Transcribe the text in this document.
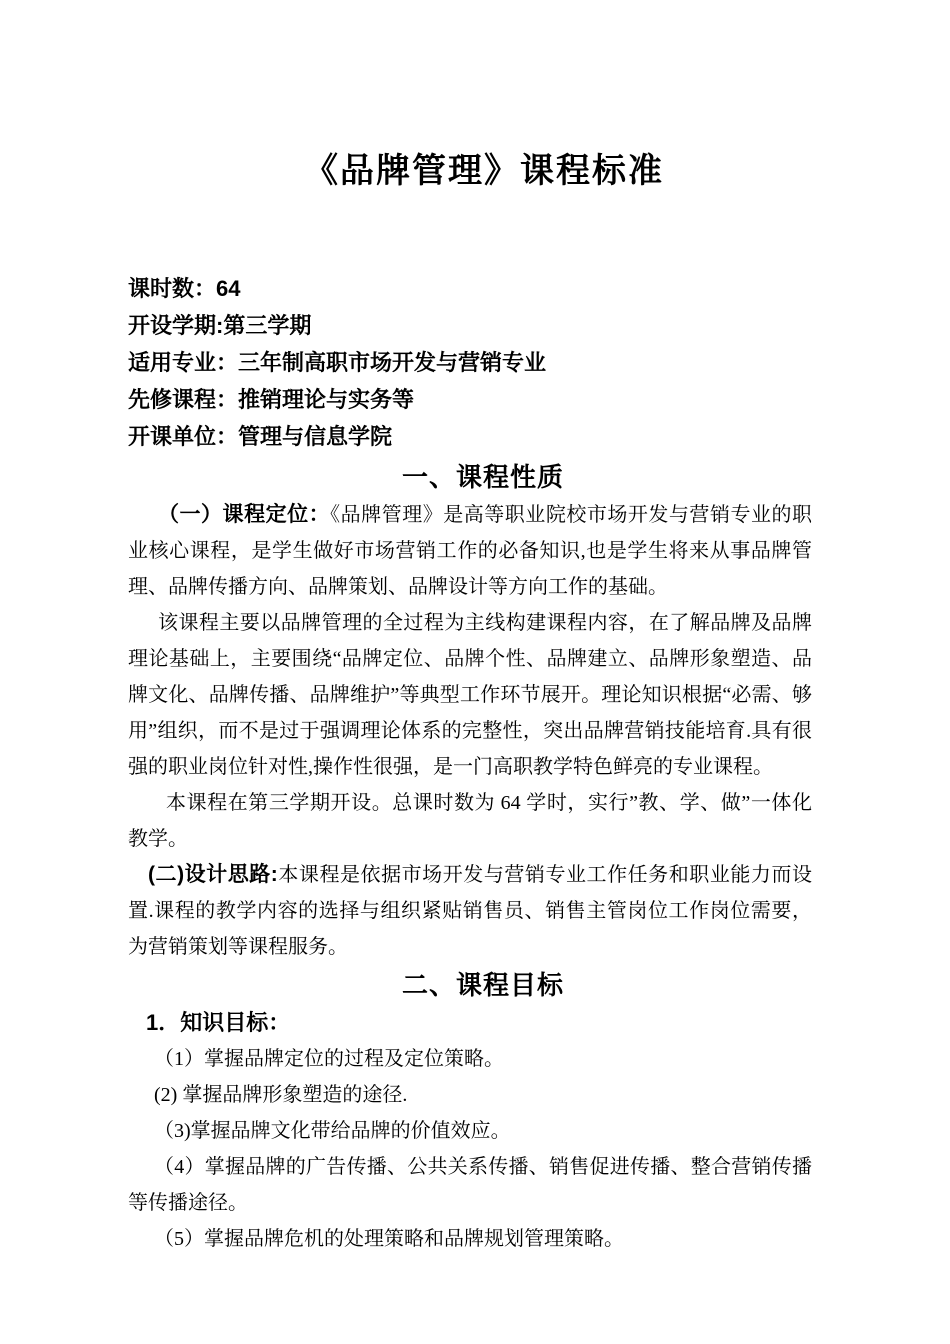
《品牌管理》课程标准

课时数：64

开设学期:第三学期

适用专业：三年制高职市场开发与营销专业

先修课程：推销理论与实务等

开课单位：管理与信息学院

一、课程性质

（一）课程定位：《品牌管理》是高等职业院校市场开发与营销专业的职业核心课程，是学生做好市场营销工作的必备知识,也是学生将来从事品牌管理、品牌传播方向、品牌策划、品牌设计等方向工作的基础。

该课程主要以品牌管理的全过程为主线构建课程内容，在了解品牌及品牌理论基础上，主要围绕“品牌定位、品牌个性、品牌建立、品牌形象塑造、品牌文化、品牌传播、品牌维护”等典型工作环节展开。理论知识根据“必需、够用”组织，而不是过于强调理论体系的完整性，突出品牌营销技能培育.具有很强的职业岗位针对性,操作性很强，是一门高职教学特色鲜亮的专业课程。

本课程在第三学期开设。总课时数为 64 学时，实行”教、学、做”一体化教学。

(二)设计思路:本课程是依据市场开发与营销专业工作任务和职业能力而设置.课程的教学内容的选择与组织紧贴销售员、销售主管岗位工作岗位需要，为营销策划等课程服务。

二、课程目标

1．知识目标：

（1）掌握品牌定位的过程及定位策略。

(2) 掌握品牌形象塑造的途径.

（3)掌握品牌文化带给品牌的价值效应。

（4）掌握品牌的广告传播、公共关系传播、销售促进传播、整合营销传播等传播途径。

（5）掌握品牌危机的处理策略和品牌规划管理策略。
